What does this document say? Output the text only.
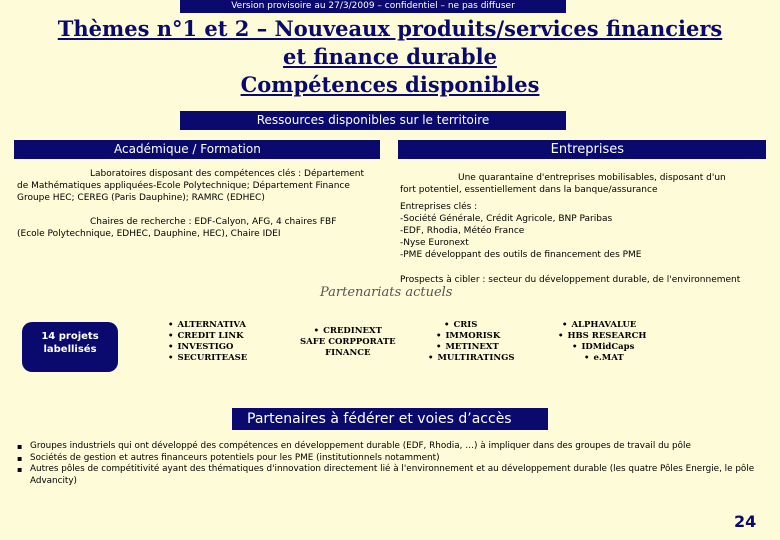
Version provisoire au 27/3/2009 – confidentiel – ne pas diffuser
Thèmes n°1 et 2 – Nouveaux produits/services financiers
et finance durable
Compétences disponibles
Ressources disponibles sur le territoire
Académique / Formation	Entreprises
Laboratoires disposant des compétences clés : Département
de Mathématiques appliquées-Ecole Polytechnique; Département Finance
Groupe HEC; CEREG (Paris Dauphine); RAMRC (EDHEC)
Chaires de recherche : EDF-Calyon, AFG, 4 chaires FBF
(Ecole Polytechnique, EDHEC, Dauphine, HEC), Chaire IDEI
Une quarantaine d'entreprises mobilisables, disposant d'un
fort potentiel, essentiellement dans la banque/assurance
Entreprises clés :
-Société Générale, Crédit Agricole, BNP Paribas
-EDF, Rhodia, Météo France
-Nyse Euronext
-PME développant des outils de financement des PME
Prospects à cibler : secteur du développement durable, de l'environnement
Partenariats actuels
14 projets
labellisés
• ALTERNATIVA
• CREDIT LINK
• INVESTIGO
• SECURITEASE
• CREDINEXT
SAFE CORPPORATE
FINANCE
• CRIS
• IMMORISK
• METINEXT
• MULTIRATINGS
• ALPHAVALUE
• HBS RESEARCH
• IDMidCaps
• e.MAT
Partenaires à fédérer et voies d’accès
▪ Groupes industriels qui ont développé des compétences en développement durable (EDF, Rhodia, …) à impliquer dans des groupes de travail du pôle
▪ Sociétés de gestion et autres financeurs potentiels pour les PME (institutionnels notamment)
▪ Autres pôles de compétitivité ayant des thématiques d'innovation directement lié à l'environnement et au développement durable (les quatre Pôles Energie, le pôle Advancity)
24
